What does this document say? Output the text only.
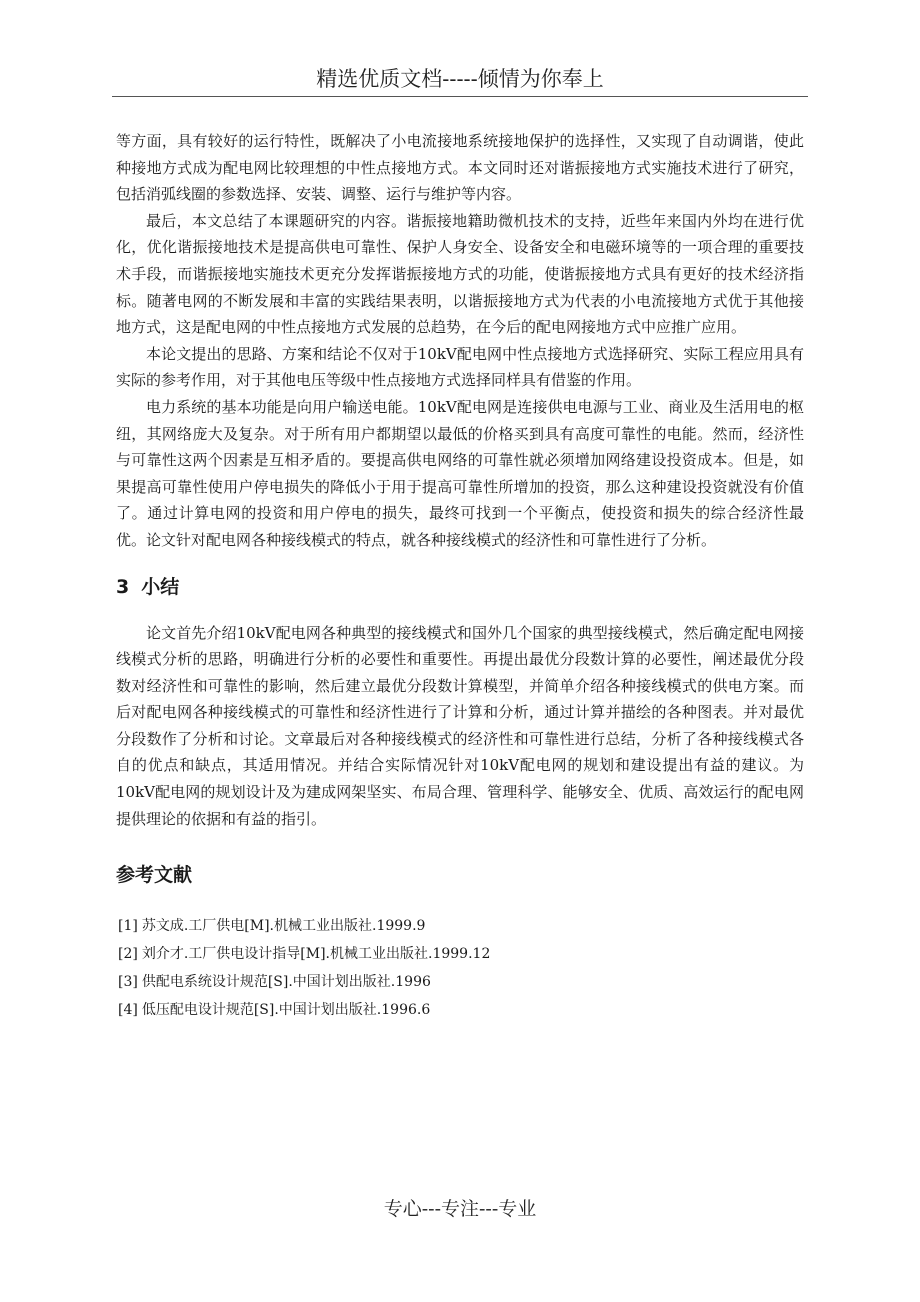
精选优质文档-----倾情为你奉上

等方面，具有较好的运行特性，既解决了小电流接地系统接地保护的选择性，又实现了自动调谐，使此种接地方式成为配电网比较理想的中性点接地方式。本文同时还对谐振接地方式实施技术进行了研究，包括消弧线圈的参数选择、安装、调整、运行与维护等内容。

最后，本文总结了本课题研究的内容。谐振接地籍助微机技术的支持，近些年来国内外均在进行优化，优化谐振接地技术是提高供电可靠性、保护人身安全、设备安全和电磁环境等的一项合理的重要技术手段，而谐振接地实施技术更充分发挥谐振接地方式的功能，使谐振接地方式具有更好的技术经济指标。随著电网的不断发展和丰富的实践结果表明，以谐振接地方式为代表的小电流接地方式优于其他接地方式，这是配电网的中性点接地方式发展的总趋势，在今后的配电网接地方式中应推广应用。

本论文提出的思路、方案和结论不仅对于10kV配电网中性点接地方式选择研究、实际工程应用具有实际的参考作用，对于其他电压等级中性点接地方式选择同样具有借鉴的作用。

电力系统的基本功能是向用户输送电能。10kV配电网是连接供电电源与工业、商业及生活用电的枢纽，其网络庞大及复杂。对于所有用户都期望以最低的价格买到具有高度可靠性的电能。然而，经济性与可靠性这两个因素是互相矛盾的。要提高供电网络的可靠性就必须增加网络建设投资成本。但是，如果提高可靠性使用户停电损失的降低小于用于提高可靠性所增加的投资，那么这种建设投资就没有价值了。通过计算电网的投资和用户停电的损失，最终可找到一个平衡点，使投资和损失的综合经济性最优。论文针对配电网各种接线模式的特点，就各种接线模式的经济性和可靠性进行了分析。

3 小结

论文首先介绍10kV配电网各种典型的接线模式和国外几个国家的典型接线模式，然后确定配电网接线模式分析的思路，明确进行分析的必要性和重要性。再提出最优分段数计算的必要性，阐述最优分段数对经济性和可靠性的影响，然后建立最优分段数计算模型，并简单介绍各种接线模式的供电方案。而后对配电网各种接线模式的可靠性和经济性进行了计算和分析，通过计算并描绘的各种图表。并对最优分段数作了分析和讨论。文章最后对各种接线模式的经济性和可靠性进行总结，分析了各种接线模式各自的优点和缺点，其适用情况。并结合实际情况针对10kV配电网的规划和建设提出有益的建议。为10kV配电网的规划设计及为建成网架坚实、布局合理、管理科学、能够安全、优质、高效运行的配电网提供理论的依据和有益的指引。

参考文献
[1] 苏文成.工厂供电[M].机械工业出版社.1999.9
[2] 刘介才.工厂供电设计指导[M].机械工业出版社.1999.12
[3] 供配电系统设计规范[S].中国计划出版社.1996
[4] 低压配电设计规范[S].中国计划出版社.1996.6
专心---专注---专业
